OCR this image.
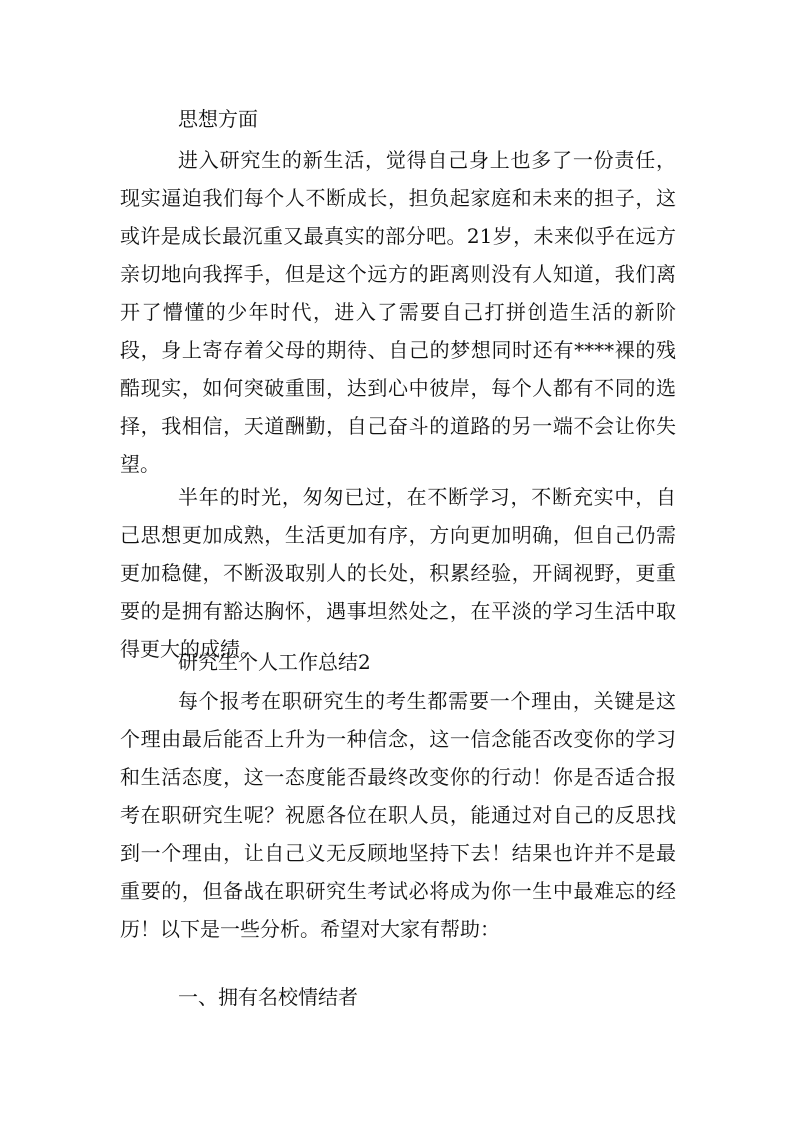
思想方面

进入研究生的新生活，觉得自己身上也多了一份责任，现实逼迫我们每个人不断成长，担负起家庭和未来的担子，这或许是成长最沉重又最真实的部分吧。21岁，未来似乎在远方亲切地向我挥手，但是这个远方的距离则没有人知道，我们离开了懵懂的少年时代，进入了需要自己打拼创造生活的新阶段，身上寄存着父母的期待、自己的梦想同时还有****裸的残酷现实，如何突破重围，达到心中彼岸，每个人都有不同的选择，我相信，天道酬勤，自己奋斗的道路的另一端不会让你失望。

半年的时光，匆匆已过，在不断学习，不断充实中，自己思想更加成熟，生活更加有序，方向更加明确，但自己仍需更加稳健，不断汲取别人的长处，积累经验，开阔视野，更重要的是拥有豁达胸怀，遇事坦然处之，在平淡的学习生活中取得更大的成绩。

研究生个人工作总结2

每个报考在职研究生的考生都需要一个理由，关键是这个理由最后能否上升为一种信念，这一信念能否改变你的学习和生活态度，这一态度能否最终改变你的行动！你是否适合报考在职研究生呢？祝愿各位在职人员，能通过对自己的反思找到一个理由，让自己义无反顾地坚持下去！结果也许并不是最重要的，但备战在职研究生考试必将成为你一生中最难忘的经历！以下是一些分析。希望对大家有帮助：

一、拥有名校情结者
